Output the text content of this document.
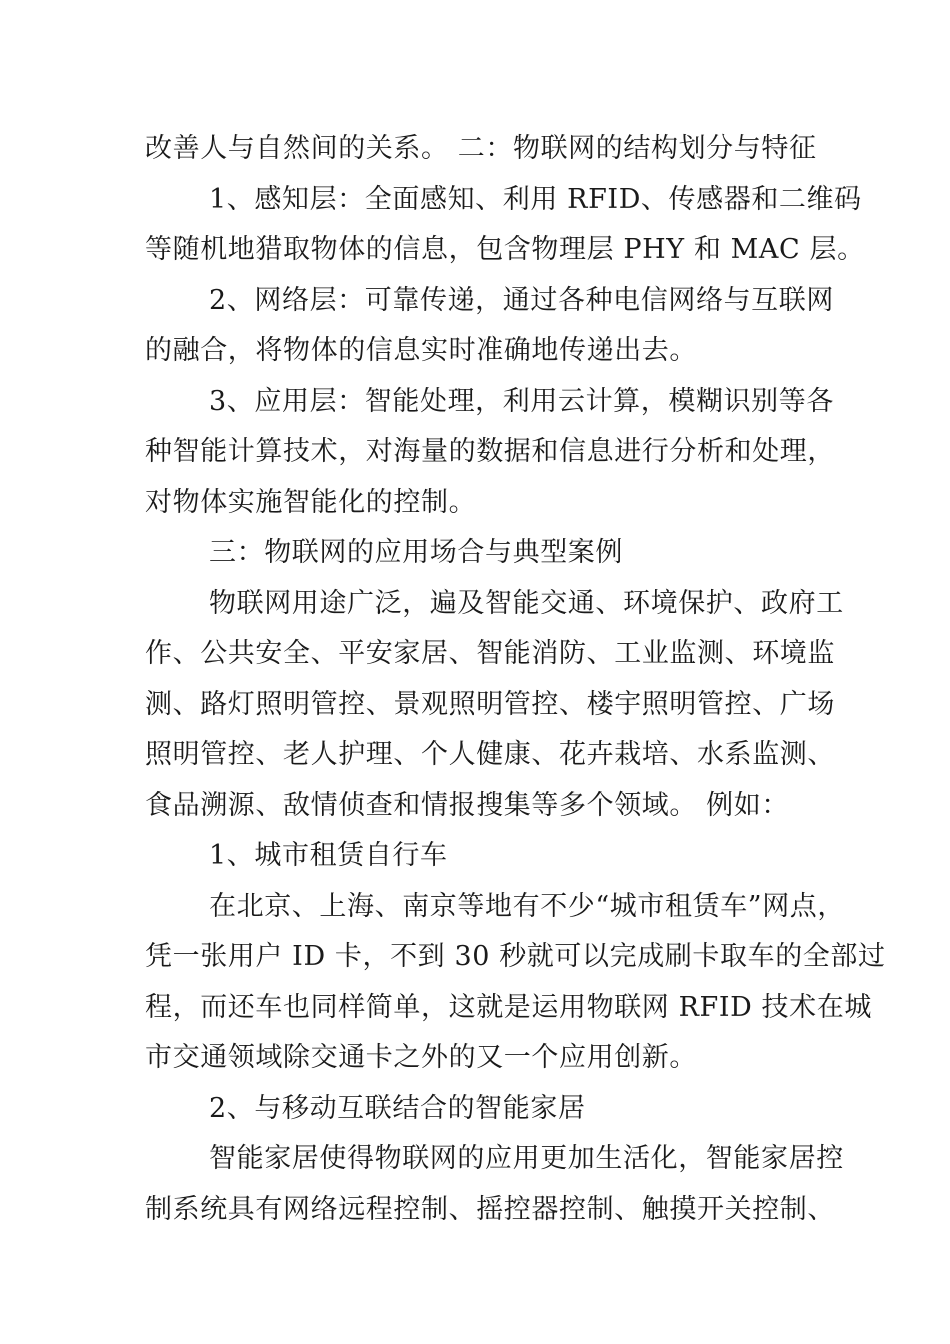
改善人与自然间的关系。 二：物联网的结构划分与特征
1、感知层：全面感知、利用 RFID、传感器和二维码
等随机地猎取物体的信息，包含物理层 PHY 和 MAC 层。
2、网络层：可靠传递，通过各种电信网络与互联网
的融合，将物体的信息实时准确地传递出去。
3、应用层：智能处理，利用云计算，模糊识别等各
种智能计算技术，对海量的数据和信息进行分析和处理，
对物体实施智能化的控制。
三：物联网的应用场合与典型案例
物联网用途广泛，遍及智能交通、环境保护、政府工
作、公共安全、平安家居、智能消防、工业监测、环境监
测、路灯照明管控、景观照明管控、楼宇照明管控、广场
照明管控、老人护理、个人健康、花卉栽培、水系监测、
食品溯源、敌情侦查和情报搜集等多个领域。 例如：
1、城市租赁自行车
在北京、上海、南京等地有不少“城市租赁车”网点，
凭一张用户 ID 卡，不到 30 秒就可以完成刷卡取车的全部过
程，而还车也同样简单，这就是运用物联网 RFID 技术在城
市交通领域除交通卡之外的又一个应用创新。
2、与移动互联结合的智能家居
智能家居使得物联网的应用更加生活化，智能家居控
制系统具有网络远程控制、摇控器控制、触摸开关控制、
